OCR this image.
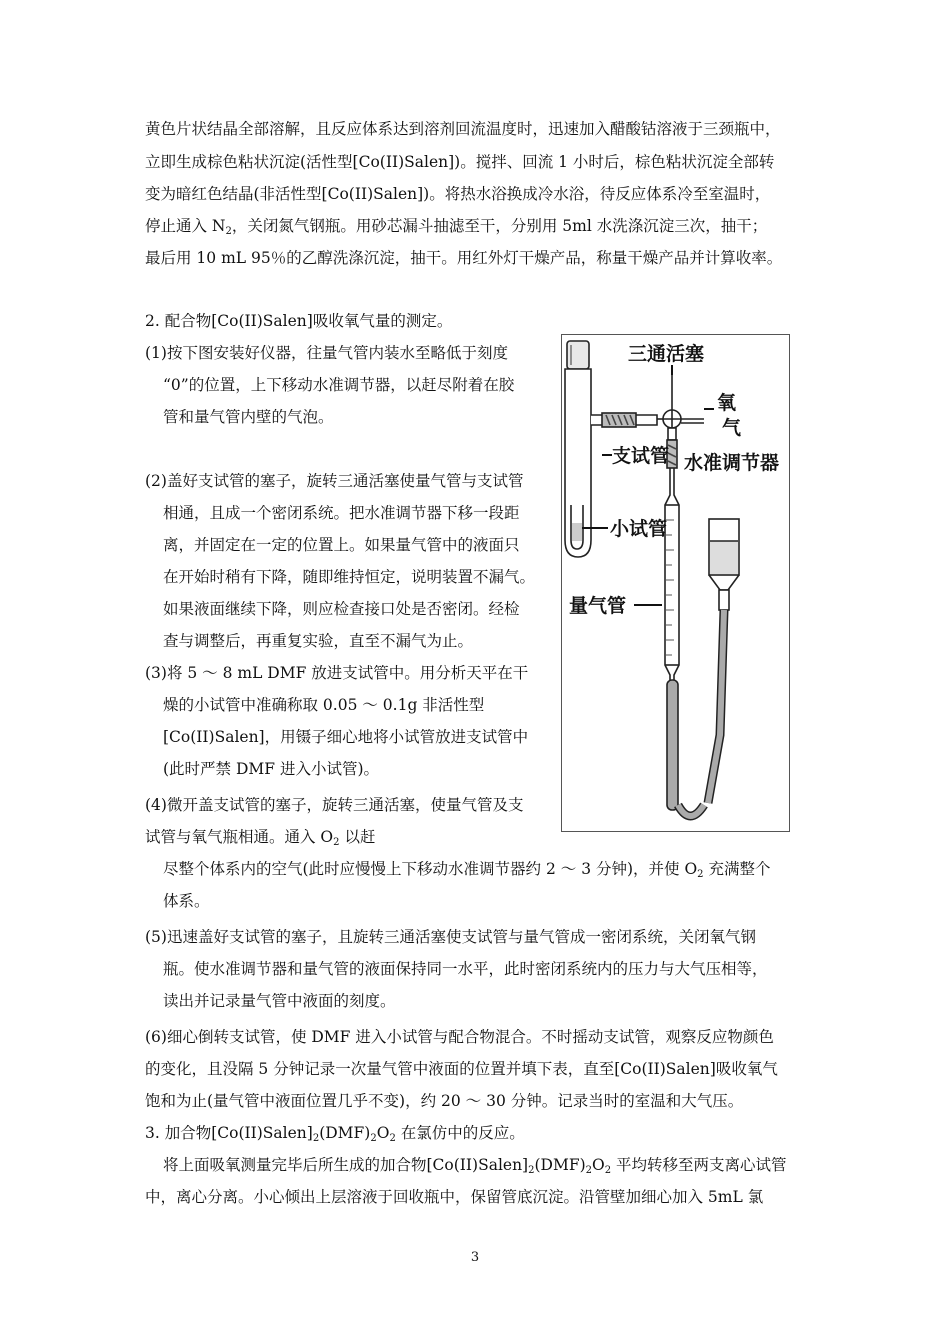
黄色片状结晶全部溶解，且反应体系达到溶剂回流温度时，迅速加入醋酸钴溶液于三颈瓶中，
立即生成棕色粘状沉淀(活性型[Co(II)Salen])。搅拌、回流 1 小时后，棕色粘状沉淀全部转
变为暗红色结晶(非活性型[Co(II)Salen])。将热水浴换成冷水浴，待反应体系冷至室温时，
停止通入 $N_2$，关闭氮气钢瓶。用砂芯漏斗抽滤至干，分别用 5ml 水洗涤沉淀三次，抽干；
最后用 10 mL 95％的乙醇洗涤沉淀，抽干。用红外灯干燥产品，称量干燥产品并计算收率。
2. 配合物[Co(II)Salen]吸收氧气量的测定。
(1)按下图安装好仪器，往量气管内装水至略低于刻度
“0”的位置，上下移动水准调节器，以赶尽附着在胶
管和量气管内壁的气泡。
(2)盖好支试管的塞子，旋转三通活塞使量气管与支试管
相通，且成一个密闭系统。把水准调节器下移一段距
离，并固定在一定的位置上。如果量气管中的液面只
在开始时稍有下降，随即维持恒定，说明装置不漏气。
如果液面继续下降，则应检查接口处是否密闭。经检
查与调整后，再重复实验，直至不漏气为止。
(3)将 5 ～ 8 mL DMF 放进支试管中。用分析天平在干
燥的小试管中准确称取 0.05 ～ 0.1g 非活性型
[Co(II)Salen]，用镊子细心地将小试管放进支试管中
(此时严禁 DMF 进入小试管)。
(4)微开盖支试管的塞子，旋转三通活塞，使量气管及支
试管与氧气瓶相通。通入 $O_2$ 以赶
尽整个体系内的空气(此时应慢慢上下移动水准调节器约 2 ～ 3 分钟)，并使 $O_2$ 充满整个
体系。
(5)迅速盖好支试管的塞子，且旋转三通活塞使支试管与量气管成一密闭系统，关闭氧气钢
瓶。使水准调节器和量气管的液面保持同一水平，此时密闭系统内的压力与大气压相等，
读出并记录量气管中液面的刻度。
(6)细心倒转支试管，使 DMF 进入小试管与配合物混合。不时摇动支试管，观察反应物颜色
的变化，且没隔 5 分钟记录一次量气管中液面的位置并填下表，直至[Co(II)Salen]吸收氧气
饱和为止(量气管中液面位置几乎不变)，约 20 ～ 30 分钟。记录当时的室温和大气压。
3. 加合物$[Co(II)Salen]_2(DMF)_2O_2$ 在氯仿中的反应。
将上面吸氧测量完毕后所生成的加合物$[Co(II)Salen]_2(DMF)_2O_2$ 平均转移至两支离心试管
中，离心分离。小心倾出上层溶液于回收瓶中，保留管底沉淀。沿管壁加细心加入 5mL 氯
三通活塞
氧
气
支试管 水准调节器
小试管
量气管
3
